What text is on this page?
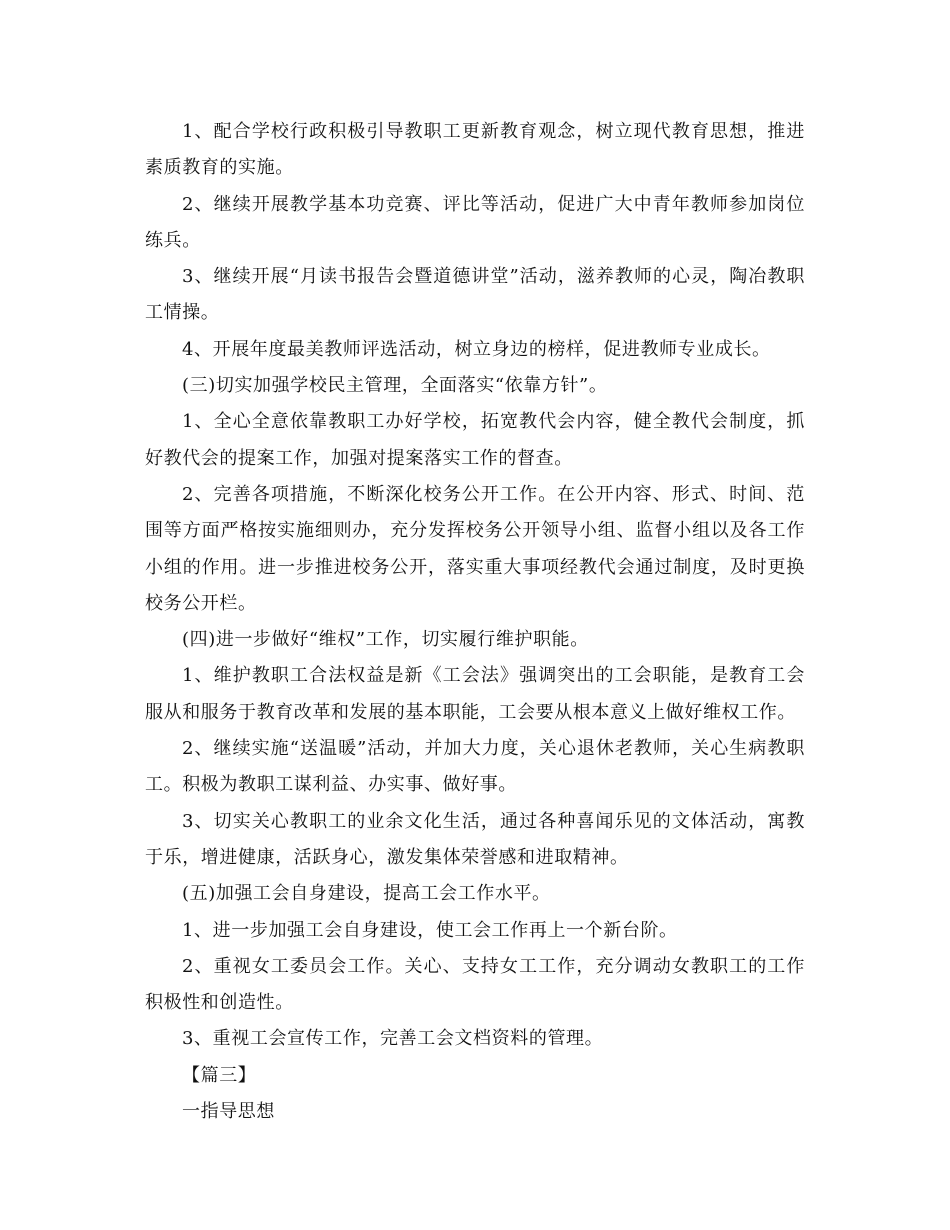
1、配合学校行政积极引导教职工更新教育观念，树立现代教育思想，推进素质教育的实施。

2、继续开展教学基本功竞赛、评比等活动，促进广大中青年教师参加岗位练兵。

3、继续开展“月读书报告会暨道德讲堂”活动，滋养教师的心灵，陶冶教职工情操。

4、开展年度最美教师评选活动，树立身边的榜样，促进教师专业成长。

(三)切实加强学校民主管理，全面落实“依靠方针”。

1、全心全意依靠教职工办好学校，拓宽教代会内容，健全教代会制度，抓好教代会的提案工作，加强对提案落实工作的督查。

2、完善各项措施，不断深化校务公开工作。在公开内容、形式、时间、范围等方面严格按实施细则办，充分发挥校务公开领导小组、监督小组以及各工作小组的作用。进一步推进校务公开，落实重大事项经教代会通过制度，及时更换校务公开栏。

(四)进一步做好“维权”工作，切实履行维护职能。

1、维护教职工合法权益是新《工会法》强调突出的工会职能，是教育工会服从和服务于教育改革和发展的基本职能，工会要从根本意义上做好维权工作。

2、继续实施“送温暖”活动，并加大力度，关心退休老教师，关心生病教职工。积极为教职工谋利益、办实事、做好事。

3、切实关心教职工的业余文化生活，通过各种喜闻乐见的文体活动，寓教于乐，增进健康，活跃身心，激发集体荣誉感和进取精神。

(五)加强工会自身建设，提高工会工作水平。

1、进一步加强工会自身建设，使工会工作再上一个新台阶。

2、重视女工委员会工作。关心、支持女工工作，充分调动女教职工的工作积极性和创造性。

3、重视工会宣传工作，完善工会文档资料的管理。

【篇三】

一指导思想
